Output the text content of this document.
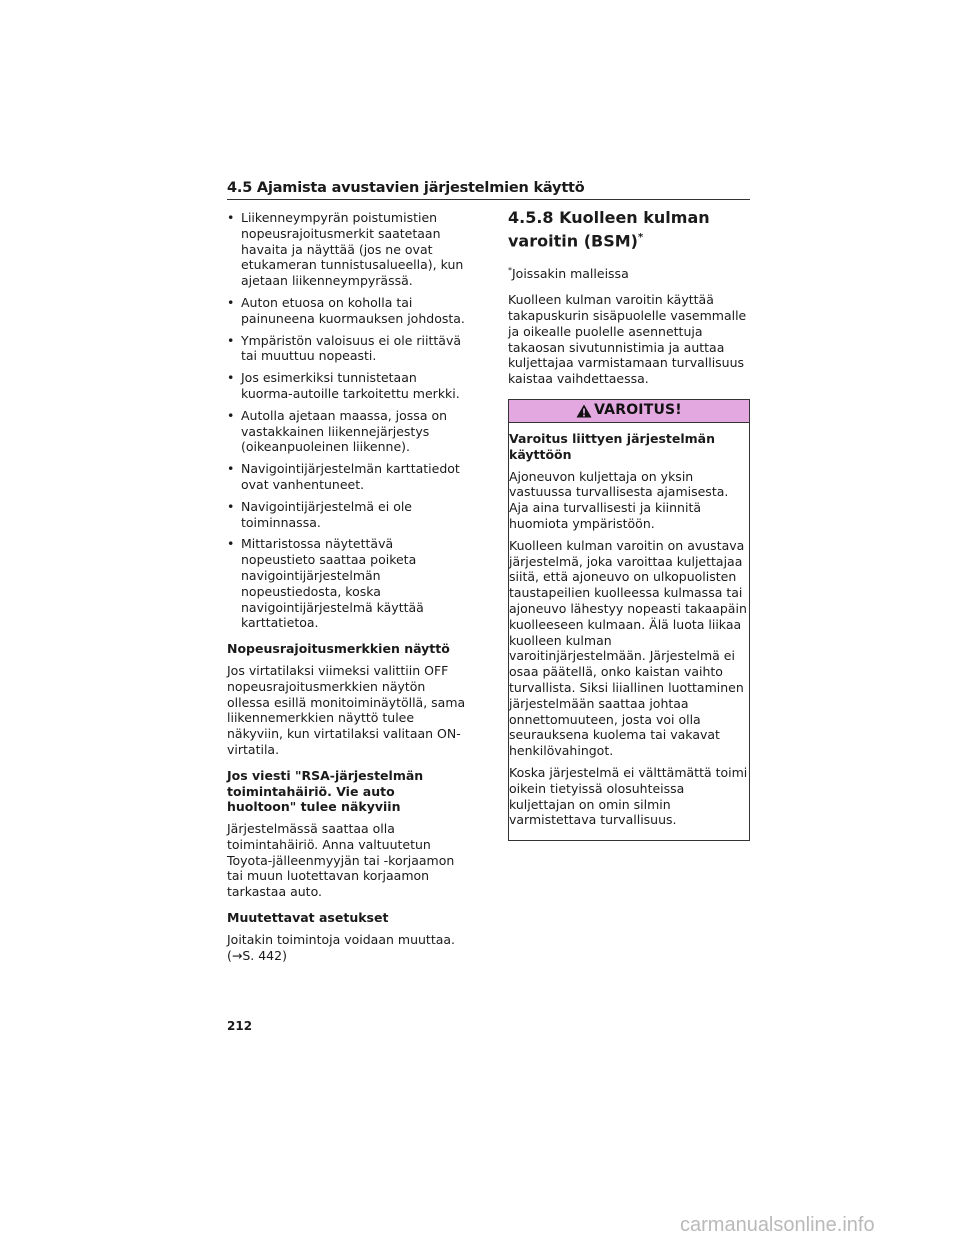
4.5 Ajamista avustavien järjestelmien käyttö
• Liikenneympyrän poistumistien nopeusrajoitusmerkit saatetaan havaita ja näyttää (jos ne ovat etukameran tunnistusalueella), kun ajetaan liikenneympyrässä.
• Auton etuosa on koholla tai painuneena kuormauksen johdosta.
• Ympäristön valoisuus ei ole riittävä tai muuttuu nopeasti.
• Jos esimerkiksi tunnistetaan kuorma-autoille tarkoitettu merkki.
• Autolla ajetaan maassa, jossa on vastakkainen liikennejärjestys (oikeanpuoleinen liikenne).
• Navigointijärjestelmän karttatiedot ovat vanhentuneet.
• Navigointijärjestelmä ei ole toiminnassa.
• Mittaristossa näytettävä nopeustieto saattaa poiketa navigointijärjestelmän nopeustiedosta, koska navigointijärjestelmä käyttää karttatietoa.
Nopeusrajoitusmerkkien näyttö

Jos virtatilaksi viimeksi valittiin OFF nopeusrajoitusmerkkien näytön ollessa esillä monitoiminäytöllä, sama liikennemerkkien näyttö tulee näkyviin, kun virtatilaksi valitaan ON-virtatila.

Jos viesti "RSA-järjestelmän toimintahäiriö. Vie auto huoltoon" tulee näkyviin

Järjestelmässä saattaa olla toimintahäiriö. Anna valtuutetun Toyota-jälleenmyyjän tai -korjaamon tai muun luotettavan korjaamon tarkastaa auto.

Muutettavat asetukset

Joitakin toimintoja voidaan muuttaa.
(→S. 442)

4.5.8 Kuolleen kulman varoitin (BSM)*

*Joissakin malleissa

Kuolleen kulman varoitin käyttää takapuskurin sisäpuolelle vasemmalle ja oikealle puolelle asennettuja takaosan sivutunnistimia ja auttaa kuljettajaa varmistamaan turvallisuus kaistaa vaihdettaessa.

VAROITUS!
Varoitus liittyen järjestelmän käyttöön

Ajoneuvon kuljettaja on yksin vastuussa turvallisesta ajamisesta. Aja aina turvallisesti ja kiinnitä huomiota ympäristöön.

Kuolleen kulman varoitin on avustava järjestelmä, joka varoittaa kuljettajaa siitä, että ajoneuvo on ulkopuolisten taustapeilien kuolleessa kulmassa tai ajoneuvo lähestyy nopeasti takaapäin kuolleeseen kulmaan. Älä luota liikaa kuolleen kulman varoitinjärjestelmään. Järjestelmä ei osaa päätellä, onko kaistan vaihto turvallista. Siksi liiallinen luottaminen järjestelmään saattaa johtaa onnettomuuteen, josta voi olla seurauksena kuolema tai vakavat henkilövahingot.

Koska järjestelmä ei välttämättä toimi oikein tietyissä olosuhteissa kuljettajan on omin silmin varmistettava turvallisuus.

212
carmanualsonline.info
